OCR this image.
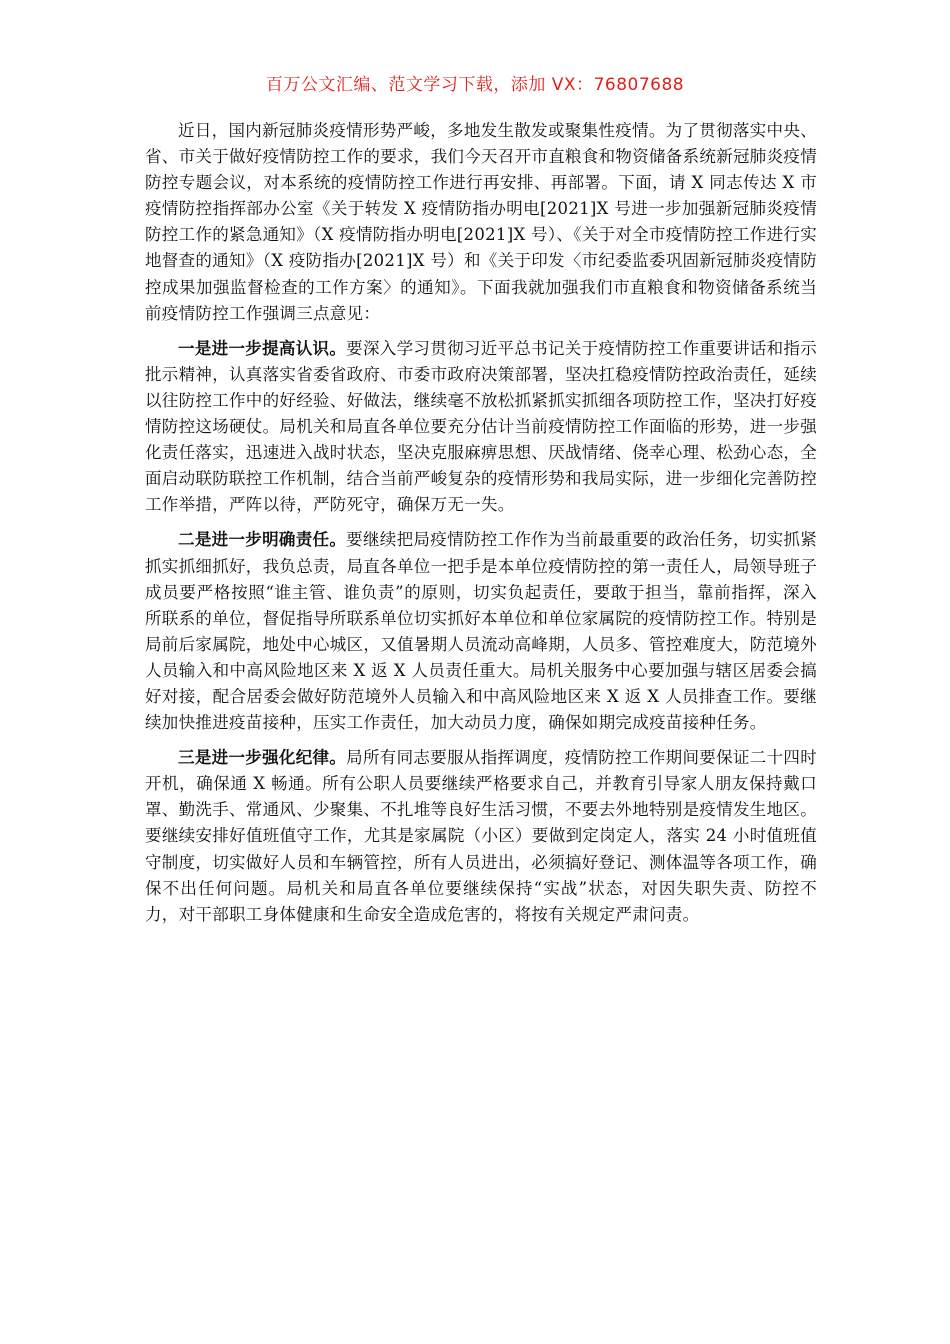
百万公文汇编、范文学习下载，添加 VX：76807688

近日，国内新冠肺炎疫情形势严峻，多地发生散发或聚集性疫情。为了贯彻落实中央、省、市关于做好疫情防控工作的要求，我们今天召开市直粮食和物资储备系统新冠肺炎疫情防控专题会议，对本系统的疫情防控工作进行再安排、再部署。下面，请 X 同志传达 X 市疫情防控指挥部办公室《关于转发 X 疫情防指办明电[2021]X 号进一步加强新冠肺炎疫情防控工作的紧急通知》（X 疫情防指办明电[2021]X 号）、《关于对全市疫情防控工作进行实地督查的通知》（X 疫防指办[2021]X 号）和《关于印发〈市纪委监委巩固新冠肺炎疫情防控成果加强监督检查的工作方案〉的通知》。下面我就加强我们市直粮食和物资储备系统当前疫情防控工作强调三点意见：

一是进一步提高认识。要深入学习贯彻习近平总书记关于疫情防控工作重要讲话和指示批示精神，认真落实省委省政府、市委市政府决策部署，坚决扛稳疫情防控政治责任，延续以往防控工作中的好经验、好做法，继续毫不放松抓紧抓实抓细各项防控工作，坚决打好疫情防控这场硬仗。局机关和局直各单位要充分估计当前疫情防控工作面临的形势，进一步强化责任落实，迅速进入战时状态，坚决克服麻痹思想、厌战情绪、侥幸心理、松劲心态，全面启动联防联控工作机制，结合当前严峻复杂的疫情形势和我局实际，进一步细化完善防控工作举措，严阵以待，严防死守，确保万无一失。

二是进一步明确责任。要继续把局疫情防控工作作为当前最重要的政治任务，切实抓紧抓实抓细抓好，我负总责，局直各单位一把手是本单位疫情防控的第一责任人，局领导班子成员要严格按照“谁主管、谁负责”的原则，切实负起责任，要敢于担当，靠前指挥，深入所联系的单位，督促指导所联系单位切实抓好本单位和单位家属院的疫情防控工作。特别是局前后家属院，地处中心城区，又值暑期人员流动高峰期，人员多、管控难度大，防范境外人员输入和中高风险地区来 X 返 X 人员责任重大。局机关服务中心要加强与辖区居委会搞好对接，配合居委会做好防范境外人员输入和中高风险地区来 X 返 X 人员排查工作。要继续加快推进疫苗接种，压实工作责任，加大动员力度，确保如期完成疫苗接种任务。

三是进一步强化纪律。局所有同志要服从指挥调度，疫情防控工作期间要保证二十四时开机，确保通 X 畅通。所有公职人员要继续严格要求自己，并教育引导家人朋友保持戴口罩、勤洗手、常通风、少聚集、不扎堆等良好生活习惯，不要去外地特别是疫情发生地区。要继续安排好值班值守工作，尤其是家属院（小区）要做到定岗定人，落实 24 小时值班值守制度，切实做好人员和车辆管控，所有人员进出，必须搞好登记、测体温等各项工作，确保不出任何问题。局机关和局直各单位要继续保持“实战”状态，对因失职失责、防控不力，对干部职工身体健康和生命安全造成危害的，将按有关规定严肃问责。
